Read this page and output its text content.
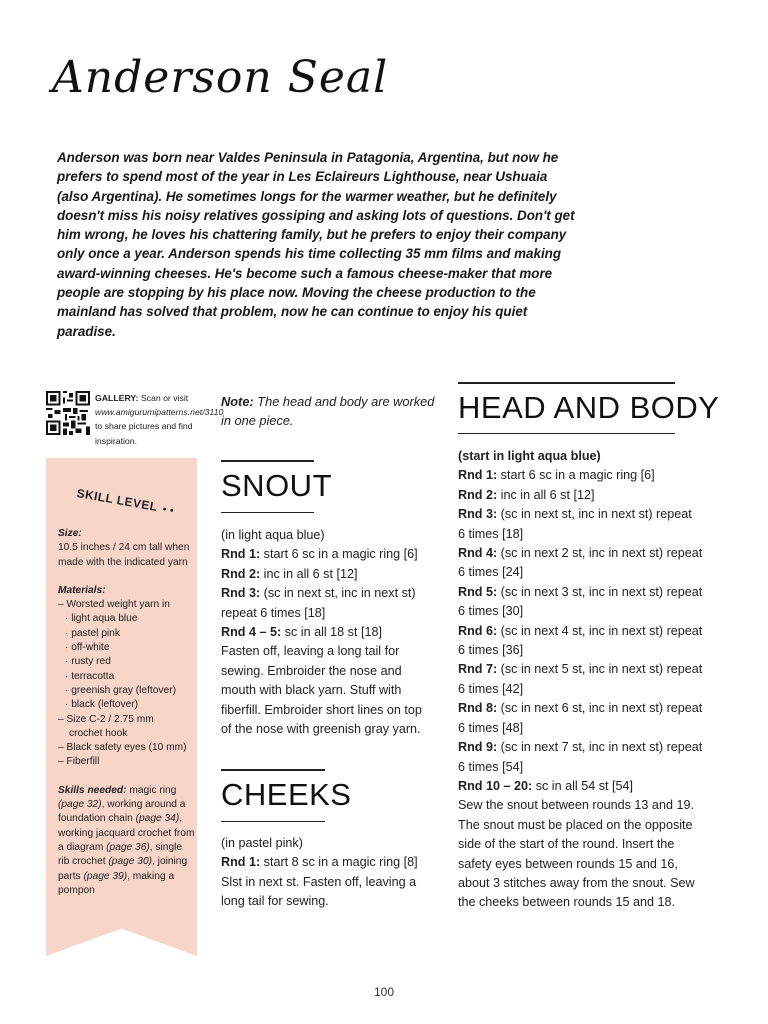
Anderson Seal
Anderson was born near Valdes Peninsula in Patagonia, Argentina, but now he prefers to spend most of the year in Les Eclaireurs Lighthouse, near Ushuaia (also Argentina). He sometimes longs for the warmer weather, but he definitely doesn't miss his noisy relatives gossiping and asking lots of questions. Don't get him wrong, he loves his chattering family, but he prefers to enjoy their company only once a year. Anderson spends his time collecting 35 mm films and making award-winning cheeses. He's become such a famous cheese-maker that more people are stopping by his place now. Moving the cheese production to the mainland has solved that problem, now he can continue to enjoy his quiet paradise.
GALLERY: Scan or visit www.amigurumipatterns.net/3110 to share pictures and find inspiration.
SKILL LEVEL • •
Size:
10.5 inches / 24 cm tall when made with the indicated yarn
Materials:
– Worsted weight yarn in
· light aqua blue
· pastel pink
· off-white
· rusty red
· terracotta
· greenish gray (leftover)
· black (leftover)
– Size C-2 / 2.75 mm
crochet hook
– Black safety eyes (10 mm)
– Fiberfill
Skills needed: magic ring (page 32), working around a foundation chain (page 34), working jacquard crochet from a diagram (page 36), single rib crochet (page 30), joining parts (page 39), making a pompon
Note: The head and body are worked in one piece.
SNOUT
(in light aqua blue)
Rnd 1: start 6 sc in a magic ring [6]
Rnd 2: inc in all 6 st [12]
Rnd 3: (sc in next st, inc in next st)
repeat 6 times [18]
Rnd 4 – 5: sc in all 18 st [18]
Fasten off, leaving a long tail for
sewing. Embroider the nose and
mouth with black yarn. Stuff with
fiberfill. Embroider short lines on top
of the nose with greenish gray yarn.
CHEEKS
(in pastel pink)
Rnd 1: start 8 sc in a magic ring [8]
Slst in next st. Fasten off, leaving a
long tail for sewing.
HEAD AND BODY
(start in light aqua blue)
Rnd 1: start 6 sc in a magic ring [6]
Rnd 2: inc in all 6 st [12]
Rnd 3: (sc in next st, inc in next st) repeat
6 times [18]
Rnd 4: (sc in next 2 st, inc in next st) repeat
6 times [24]
Rnd 5: (sc in next 3 st, inc in next st) repeat
6 times [30]
Rnd 6: (sc in next 4 st, inc in next st) repeat
6 times [36]
Rnd 7: (sc in next 5 st, inc in next st) repeat
6 times [42]
Rnd 8: (sc in next 6 st, inc in next st) repeat
6 times [48]
Rnd 9: (sc in next 7 st, inc in next st) repeat
6 times [54]
Rnd 10 – 20: sc in all 54 st [54]
Sew the snout between rounds 13 and 19.
The snout must be placed on the opposite
side of the start of the round. Insert the
safety eyes between rounds 15 and 16,
about 3 stitches away from the snout. Sew
the cheeks between rounds 15 and 18.
100
